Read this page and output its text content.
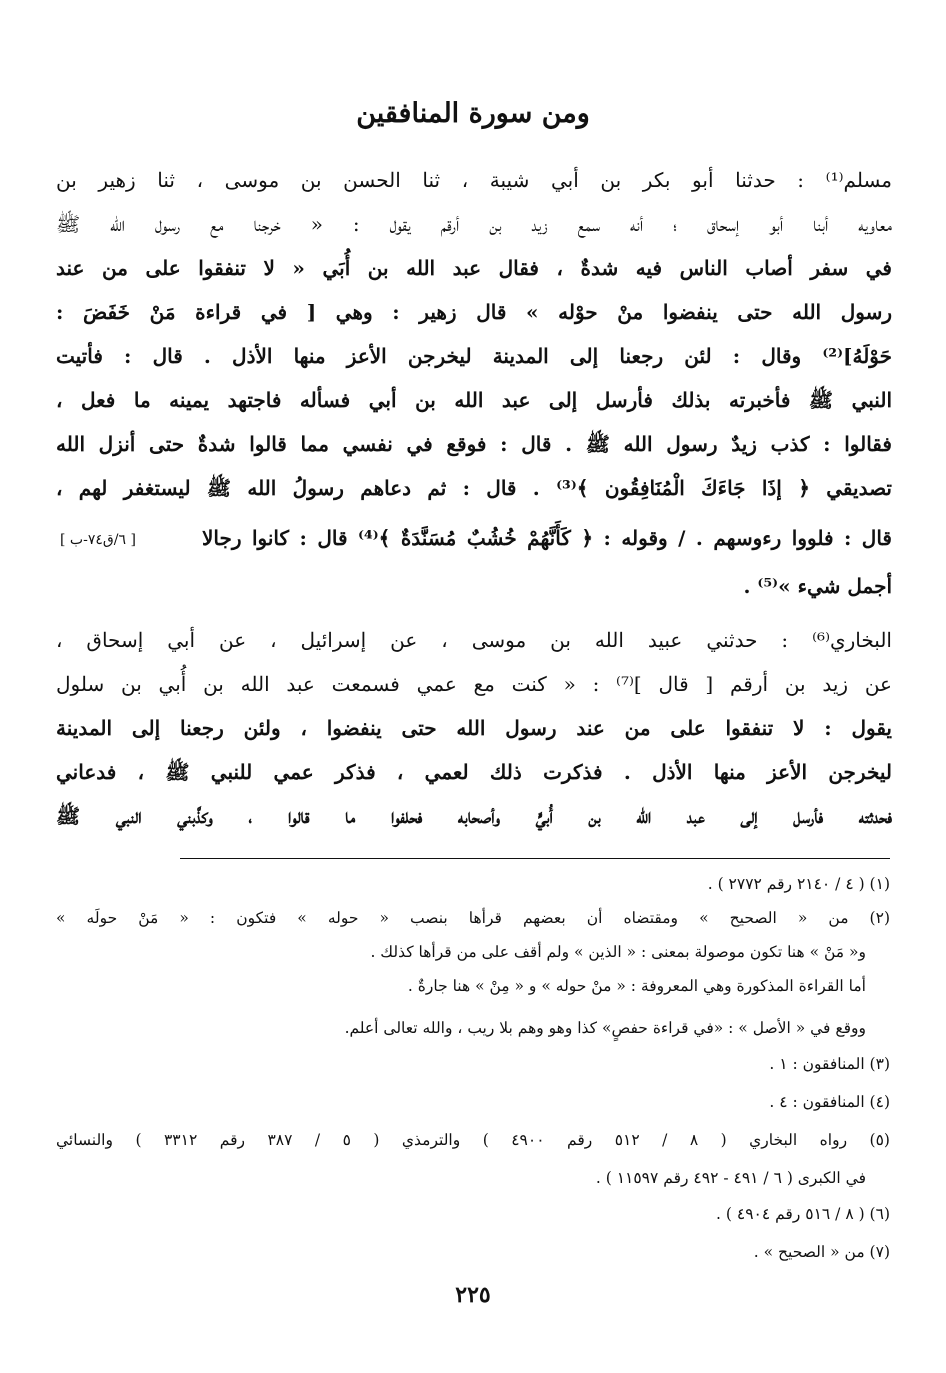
ومن سورة المنافقين
مسلم⁽¹⁾ : حدثنا أبو بكر بن أبي شيبة ، ثنا الحسن بن موسى ، ثنا زهير بن
معاويه أبنا أبو إسحاق ؛ أنه سمع زيد بن أرقم يقول : « خرجنا مع رسول الله ﷺ
في سفر أصاب الناس فيه شدةٌ ، فقال عبد الله بن أُبَي « لا تنفقوا على من عند
رسول الله حتى ينفضوا منْ حوْله » قال زهير : وهي [ في قراءة مَنْ خَفَضَ :
حَوْلَهُ]⁽²⁾ وقال : لئن رجعنا إلى المدينة ليخرجن الأعز منها الأذل . قال : فأتيت
النبي ﷺ فأخبرته بذلك فأرسل إلى عبد الله بن أبي فسأله فاجتهد يمينه ما فعل ،
فقالوا : كذب زيدٌ رسول الله ﷺ . قال : فوقع في نفسي مما قالوا شدةٌ حتى أنزل الله
تصديقي ﴿ إذَا جَاءَكَ الْمُنَافِقُون ﴾⁽³⁾ . قال : ثم دعاهم رسولُ الله ﷺ ليستغفر لهم ،
قال : فلووا رءوسهم . / وقوله : ﴿ كَأَنَّهُمْ خُشُبٌ مُسَنَّدَةٌ ﴾⁽⁴⁾ قال : كانوا رجالا
[ ٦/ق٧٤-ب ]
أجمل شيء »⁽⁵⁾ .
البخاري⁽⁶⁾ : حدثني عبيد الله بن موسى ، عن إسرائيل ، عن أبي إسحاق ،
عن زيد بن أرقم [ قال ]⁽⁷⁾ : « كنت مع عمي فسمعت عبد الله بن أُبي بن سلول
يقول : لا تنفقوا على من عند رسول الله حتى ينفضوا ، ولئن رجعنا إلى المدينة
ليخرجن الأعز منها الأذل . فذكرت ذلك لعمي ، فذكر عمي للنبي ﷺ ، فدعاني
فحدثته فأرسل إلى عبد الله بن أُبيٍّ وأصحابه فحلفوا ما قالوا ، وكذَّبني النبي ﷺ
(١) ( ٤ / ٢١٤٠ رقم ٢٧٧٢ ) .
(٢) من « الصحيح » ومقتضاه أن بعضهم قرأها بنصب « حوله » فتكون : « مَنْ حولَه »
و« مَنْ » هنا تكون موصولة بمعنى : « الذين » ولم أقف على من قرأها كذلك .
أما القراءة المذكورة وهي المعروفة : « منْ حوله » و « مِنْ » هنا جارةٌ .
ووقع في « الأصل » : «في قراءة حفصٍ» كذا وهو وهم بلا ريب ، والله تعالى أعلم.
(٣) المنافقون : ١ .
(٤) المنافقون : ٤ .
(٥) رواه البخاري ( ٨ / ٥١٢ رقم ٤٩٠٠ ) والترمذي ( ٥ / ٣٨٧ رقم ٣٣١٢ ) والنسائي
في الكبرى ( ٦ / ٤٩١ - ٤٩٢ رقم ١١٥٩٧ ) .
(٦) ( ٨ / ٥١٦ رقم ٤٩٠٤ ) .
(٧) من « الصحيح » .
٢٢٥
